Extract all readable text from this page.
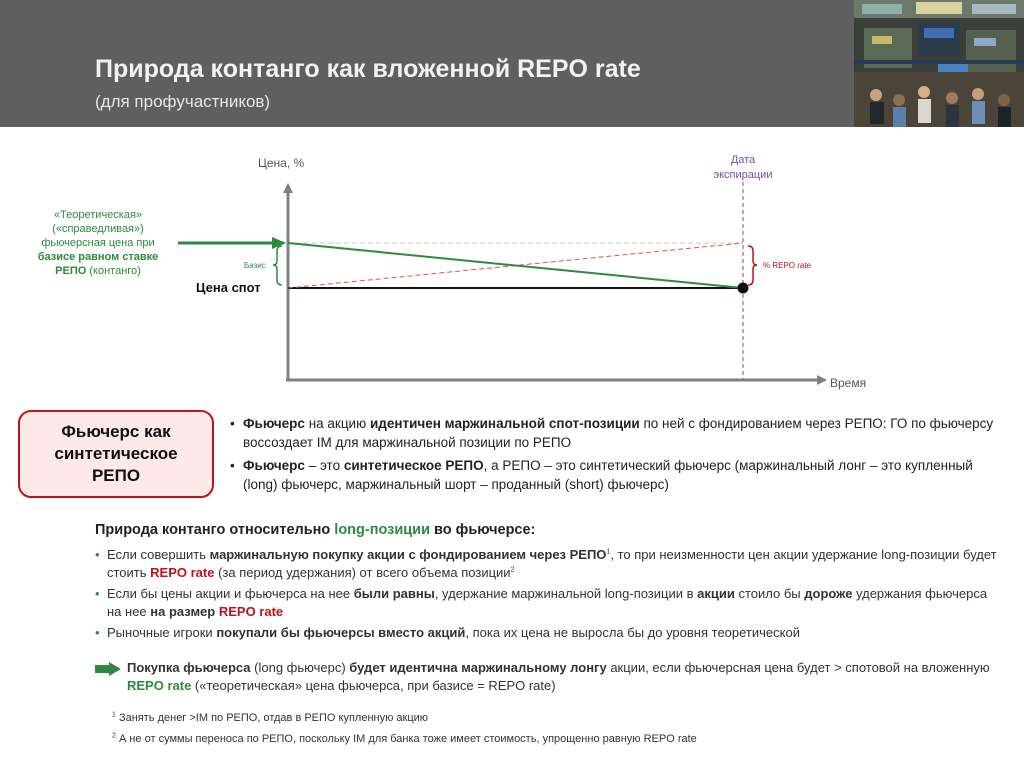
Природа контанго как вложенной REPO rate
(для профучастников)
Цена, %
Время
Дата
экспирации
Базис	% REPO rate
Цена спот
«Теоретическая»
(«справедливая»)
фьючерсная цена при
базисе равном ставке
РЕПО (контанго)
Фьючерс как
синтетическое
РЕПО
• Фьючерс на акцию идентичен маржинальной спот-позиции по ней с фондированием через РЕПО: ГО по фьючерсу воссоздает IM для маржинальной позиции по РЕПО
• Фьючерс – это синтетическое РЕПО, а РЕПО – это синтетический фьючерс (маржинальный лонг – это купленный (long) фьючерс, маржинальный шорт – проданный (short) фьючерс)
Природа контанго относительно long-позиции во фьючерсе:
• Если совершить маржинальную покупку акции с фондированием через РЕПО$^1$, то при неизменности цен акции удержание long-позиции будет стоить REPO rate (за период удержания) от всего объема позиции$^2$
• Если бы цены акции и фьючерса на нее были равны, удержание маржинальной long-позиции в акции стоило бы дороже удержания фьючерса на нее на размер REPO rate
• Рыночные игроки покупали бы фьючерсы вместо акций, пока их цена не выросла бы до уровня теоретической
Покупка фьючерса (long фьючерс) будет идентична маржинальному лонгу акции, если фьючерсная цена будет > спотовой на вложенную REPO rate («теоретическая» цена фьючерса, при базисе = REPO rate)
$^1$ Занять денег >IM по РЕПО, отдав в РЕПО купленную акцию
$^2$ А не от суммы переноса по РЕПО, поскольку IM для банка тоже имеет стоимость, упрощенно равную REPO rate
